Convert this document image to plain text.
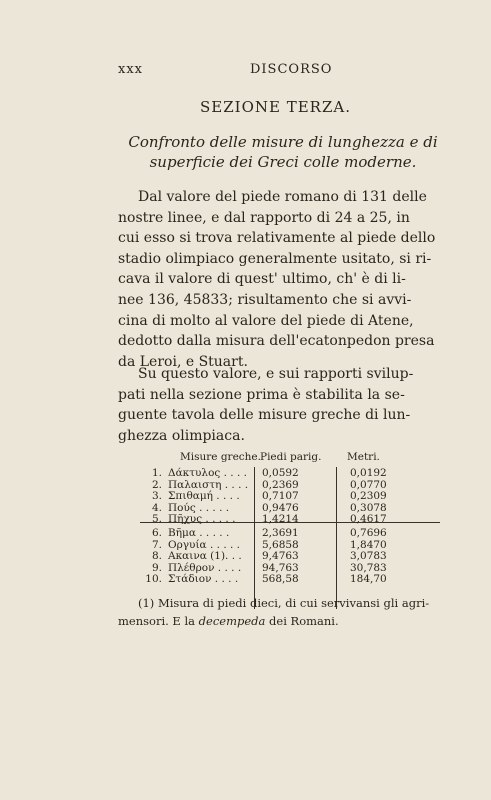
xxx	DISCORSO
SEZIONE TERZA.
Confronto delle misure di lunghezza e di
superficie dei Greci colle moderne.
Dal valore del piede romano di 131 delle
nostre linee, e dal rapporto di 24 a 25, in
cui esso si trova relativamente al piede dello
stadio olimpiaco generalmente usitato, si ri-
cava il valore di quest' ultimo, ch' è di li-
nee 136, 45833; risultamento che si avvi-
cina di molto al valore del piede di Atene,
dedotto dalla misura dell'ecatonpedon presa
da Leroi, e Stuart.
Su questo valore, e sui rapporti svilup-
pati nella sezione prima è stabilita la se-
guente tavola delle misure greche di lun-
ghezza olimpiaca.
Misure greche. Piedi parig. Metri.
1. Δάκτυλος . . . . 0,0592	0,0192
2. Παλαιστη . . . . 0,2369	0,0770
3. Σπιθαμή . . . . 0,7107	0,2309
4. Πούς . . . . .	0,9476	0,3078
5. Πῆχυς . . . . .	1,4214	0,4617
6. Βῆμα . . . . .	2,3691	0,7696
7. Οργυία . . . . . 5,6858	1,8470
8. Ακαινα (1). . . 9,4763	3,0783
9. Πλέθρον . . . . 94,763	30,783
10. Στάδιον . . . . 568,58	184,70
(1) Misura di piedi dieci, di cui servivansi gli agri-
mensori. E la decempeda dei Romani.
